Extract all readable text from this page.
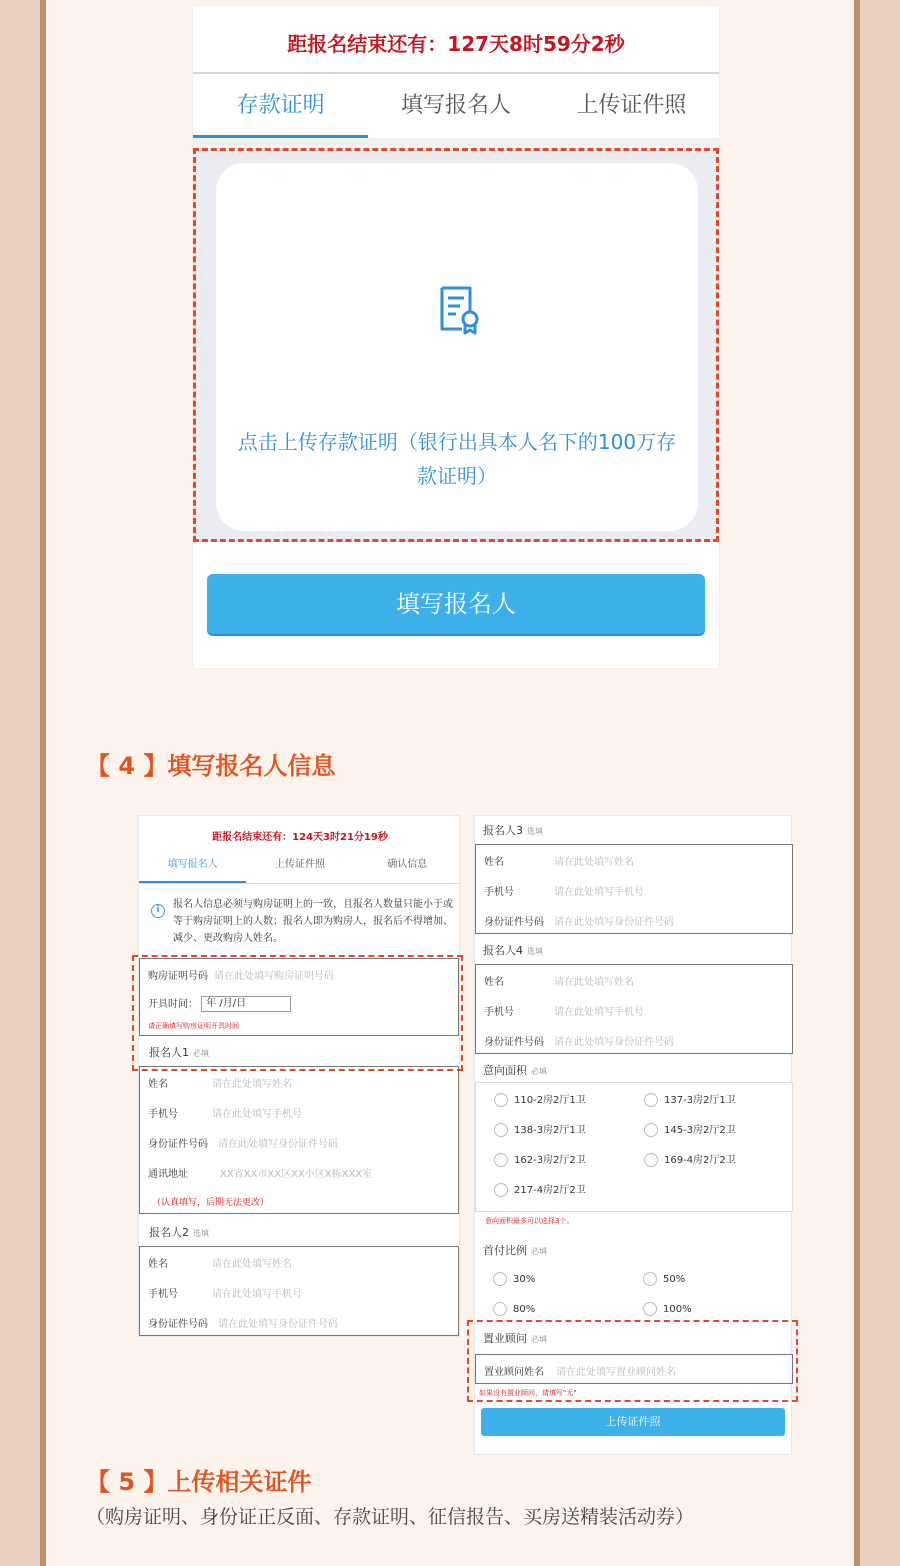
距报名结束还有：127天8时59分2秒
存款证明	填写报名人	上传证件照
点击上传存款证明（银行出具本人名下的100万存款证明）
填写报名人
【 4 】填写报名人信息
距报名结束还有：124天3时21分19秒
填写报名人	上传证件照	确认信息
i	报名人信息必须与购房证明上的一致，且报名人数量只能小于或等于购房证明上的人数；报名人即为购房人，报名后不得增加、减少、更改购房人姓名。
购房证明号码 请在此处填写购房证明号码
开具时间： 年 /月/日
请正确填写购房证明开具时间
报名人1 必填
姓名	请在此处填写姓名
手机号	请在此处填写手机号
身份证件号码 请在此处填写身份证件号码
通讯地址	XX省XX市XX区XX小区X栋XXX室
（认真填写，后期无法更改）
报名人2 选填
姓名	请在此处填写姓名
手机号	请在此处填写手机号
身份证件号码 请在此处填写身份证件号码
报名人3 选填
姓名	请在此处填写姓名
手机号	请在此处填写手机号
身份证件号码 请在此处填写身份证件号码
报名人4 选填
姓名	请在此处填写姓名
手机号	请在此处填写手机号
身份证件号码 请在此处填写身份证件号码
意向面积 必填
110-2房2厅1卫	137-3房2厅1卫
138-3房2厅1卫	145-3房2厅2卫
162-3房2厅2卫	169-4房2厅2卫
217-4房2厅2卫
意向面积最多可以选择3个。
首付比例 必填
30%	50%
80%	100%
置业顾问 必填
置业顾问姓名 请在此处填写置业顾问姓名
如果没有置业顾问，请填写"无"
上传证件照
【 5 】上传相关证件
（购房证明、身份证正反面、存款证明、征信报告、买房送精装活动券）
